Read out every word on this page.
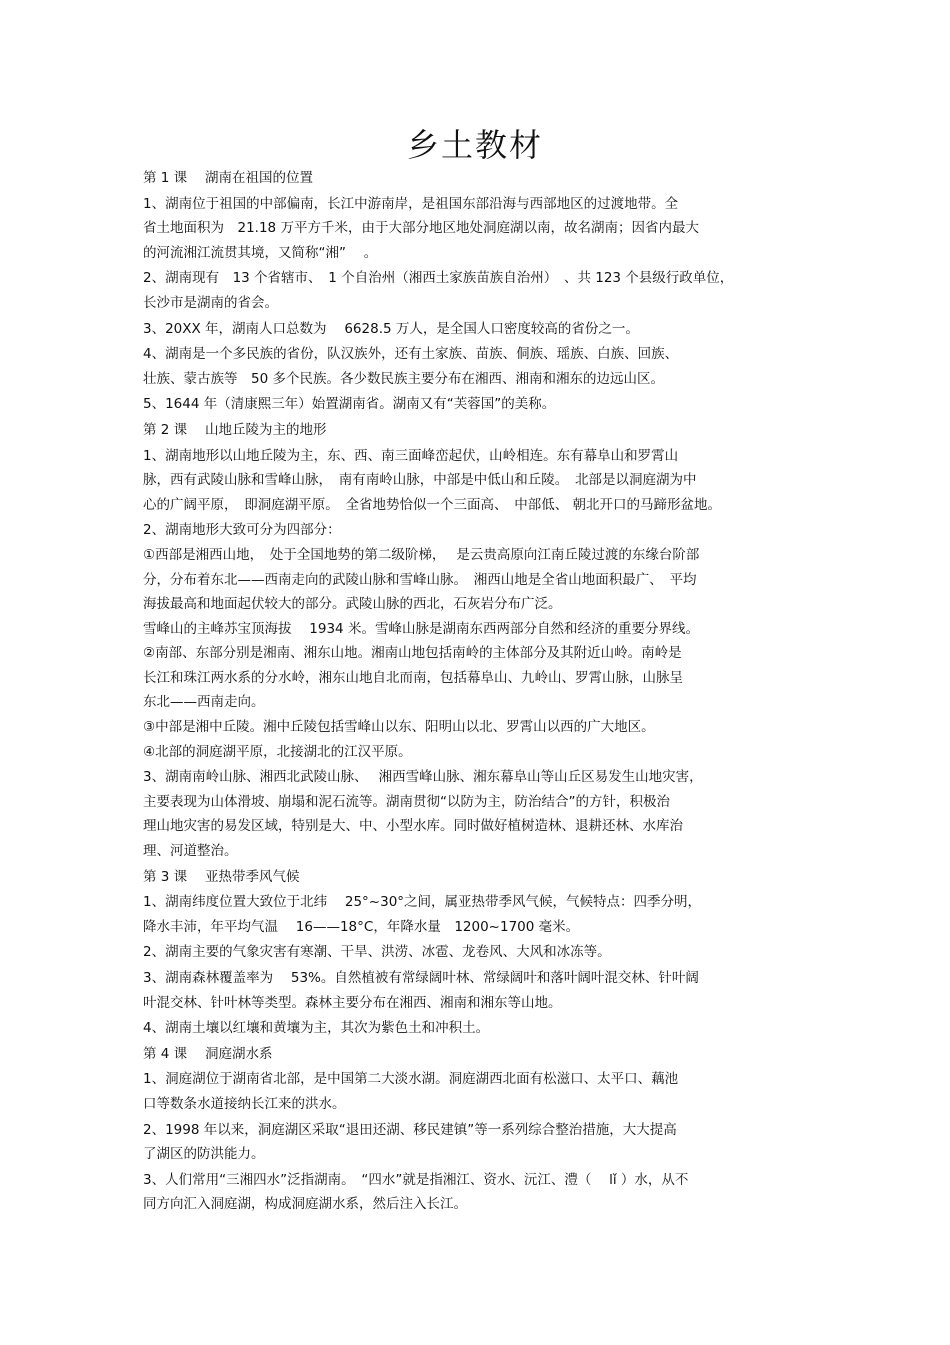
乡土教材
第 1 课　 湖南在祖国的位置
1、湖南位于祖国的中部偏南，长江中游南岸，是祖国东部沿海与西部地区的过渡地带。全
省土地面积为　21.18 万平方千米，由于大部分地区地处洞庭湖以南，故名湖南；因省内最大
的河流湘江流贯其境，又简称“湘” 　。
2、湖南现有　13 个省辖市、　1 个自治州（湘西土家族苗族自治州）　、共 123 个县级行政单位，
长沙市是湖南的省会。
3、20XX 年，湖南人口总数为　 6628.5 万人，是全国人口密度较高的省份之一。
4、湖南是一个多民族的省份，队汉族外，还有土家族、苗族、侗族、瑶族、白族、回族、
壮族、蒙古族等　50 多个民族。各少数民族主要分布在湘西、湘南和湘东的边远山区。
5、1644 年（清康熙三年）始置湖南省。湖南又有“芙蓉国”的美称。
第 2 课　 山地丘陵为主的地形
1、湖南地形以山地丘陵为主，东、西、南三面峰峦起伏，山岭相连。东有幕阜山和罗霄山
脉，西有武陵山脉和雪峰山脉，　南有南岭山脉，中部是中低山和丘陵。　北部是以洞庭湖为中
心的广阔平原，　即洞庭湖平原。　全省地势恰似一个三面高、　中部低、 朝北开口的马蹄形盆地。
2、湖南地形大致可分为四部分：
①西部是湘西山地，　处于全国地势的第二级阶梯，　 是云贵高原向江南丘陵过渡的东缘台阶部
分，分布着东北——西南走向的武陵山脉和雪峰山脉。　湘西山地是全省山地面积最广、　平均
海拔最高和地面起伏较大的部分。武陵山脉的西北，石灰岩分布广泛。
雪峰山的主峰苏宝顶海拔　 1934 米。雪峰山脉是湖南东西两部分自然和经济的重要分界线。
②南部、东部分别是湘南、湘东山地。湘南山地包括南岭的主体部分及其附近山岭。南岭是
长江和珠江两水系的分水岭，湘东山地自北而南，包括幕阜山、九岭山、罗霄山脉，山脉呈
东北——西南走向。
③中部是湘中丘陵。湘中丘陵包括雪峰山以东、阳明山以北、罗霄山以西的广大地区。
④北部的洞庭湖平原，北接湖北的江汉平原。
3、湖南南岭山脉、湘西北武陵山脉、　 湘西雪峰山脉、湘东幕阜山等山丘区易发生山地灾害，
主要表现为山体滑坡、崩塌和泥石流等。湖南贯彻“以防为主，防治结合”的方针，积极治
理山地灾害的易发区域，特别是大、中、小型水库。同时做好植树造林、退耕还林、水库治
理、河道整治。
第 3 课　 亚热带季风气候
1、湖南纬度位置大致位于北纬　 25°~30°之间，属亚热带季风气候，气候特点：四季分明，
降水丰沛，年平均气温　 16——18°C，年降水量　1200~1700 毫米。
2、湖南主要的气象灾害有寒潮、干旱、洪涝、冰雹、龙卷风、大风和冰冻等。
3、湖南森林覆盖率为　 53%。自然植被有常绿阔叶林、常绿阔叶和落叶阔叶混交林、针叶阔
叶混交林、针叶林等类型。森林主要分布在湘西、湘南和湘东等山地。
4、湖南土壤以红壤和黄壤为主，其次为紫色土和冲积土。
第 4 课　 洞庭湖水系
1、洞庭湖位于湖南省北部，是中国第二大淡水湖。洞庭湖西北面有松滋口、太平口、藕池
口等数条水道接纳长江来的洪水。
2、1998 年以来，洞庭湖区采取“退田还湖、移民建镇”等一系列综合整治措施，大大提高
了湖区的防洪能力。
3、人们常用“三湘四水”泛指湖南。　“四水”就是指湘江、资水、沅江、澧（　 lǐ ）水，从不
同方向汇入洞庭湖，构成洞庭湖水系，然后注入长江。
